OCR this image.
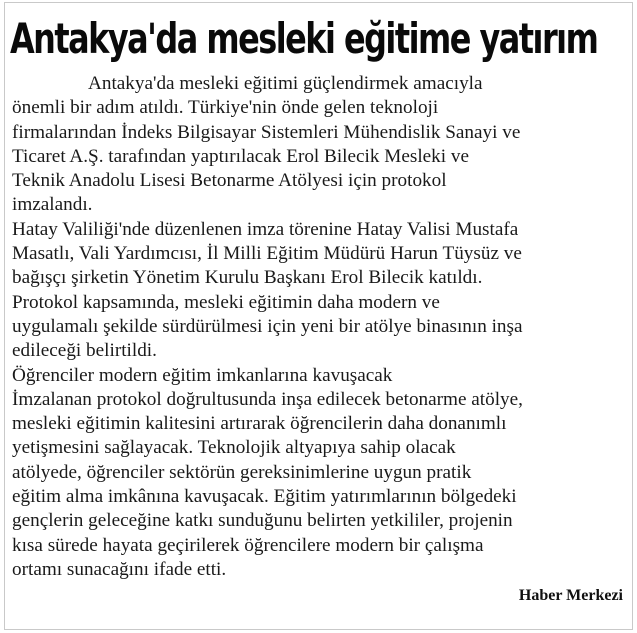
Antakya'da mesleki eğitime yatırım

Antakya'da mesleki eğitimi güçlendirmek amacıyla

önemli bir adım atıldı. Türkiye'nin önde gelen teknoloji

firmalarından İndeks Bilgisayar Sistemleri Mühendislik Sanayi ve

Ticaret A.Ş. tarafından yaptırılacak Erol Bilecik Mesleki ve

Teknik Anadolu Lisesi Betonarme Atölyesi için protokol

imzalandı.

Hatay Valiliği'nde düzenlenen imza törenine Hatay Valisi Mustafa

Masatlı, Vali Yardımcısı, İl Milli Eğitim Müdürü Harun Tüysüz ve

bağışçı şirketin Yönetim Kurulu Başkanı Erol Bilecik katıldı.

Protokol kapsamında, mesleki eğitimin daha modern ve

uygulamalı şekilde sürdürülmesi için yeni bir atölye binasının inşa

edileceği belirtildi.

Öğrenciler modern eğitim imkanlarına kavuşacak

İmzalanan protokol doğrultusunda inşa edilecek betonarme atölye,

mesleki eğitimin kalitesini artırarak öğrencilerin daha donanımlı

yetişmesini sağlayacak. Teknolojik altyapıya sahip olacak

atölyede, öğrenciler sektörün gereksinimlerine uygun pratik

eğitim alma imkânına kavuşacak. Eğitim yatırımlarının bölgedeki

gençlerin geleceğine katkı sunduğunu belirten yetkililer, projenin

kısa sürede hayata geçirilerek öğrencilere modern bir çalışma

ortamı sunacağını ifade etti.

Haber Merkezi
